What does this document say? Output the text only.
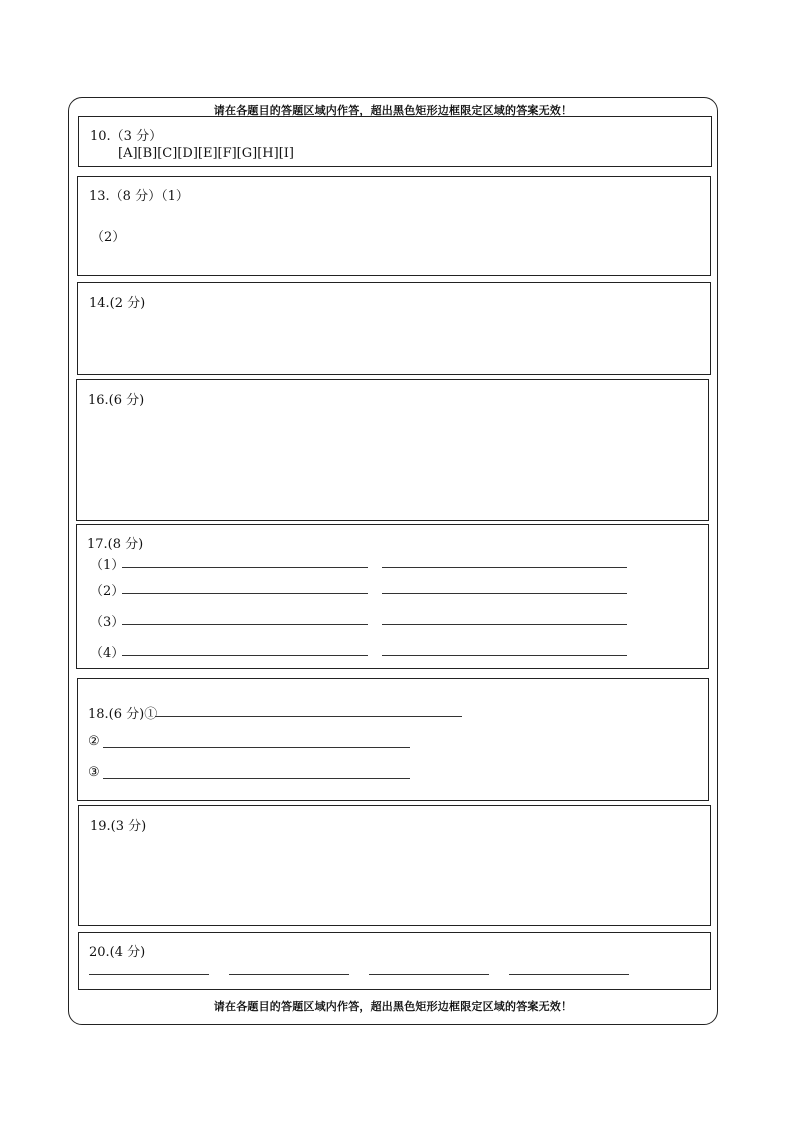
请在各题目的答题区域内作答，超出黑色矩形边框限定区域的答案无效！
请在各题目的答题区域内作答，超出黑色矩形边框限定区域的答案无效！
10.（3 分）
[A][B][C][D][E][F][G][H][I]
13.（8 分）（1）
（2）
14.(2 分)
16.(6 分)
17.(8 分)
（1）
（2）
（3）
（4）
18.(6 分)①
②
③
19.(3 分)
20.(4 分)
